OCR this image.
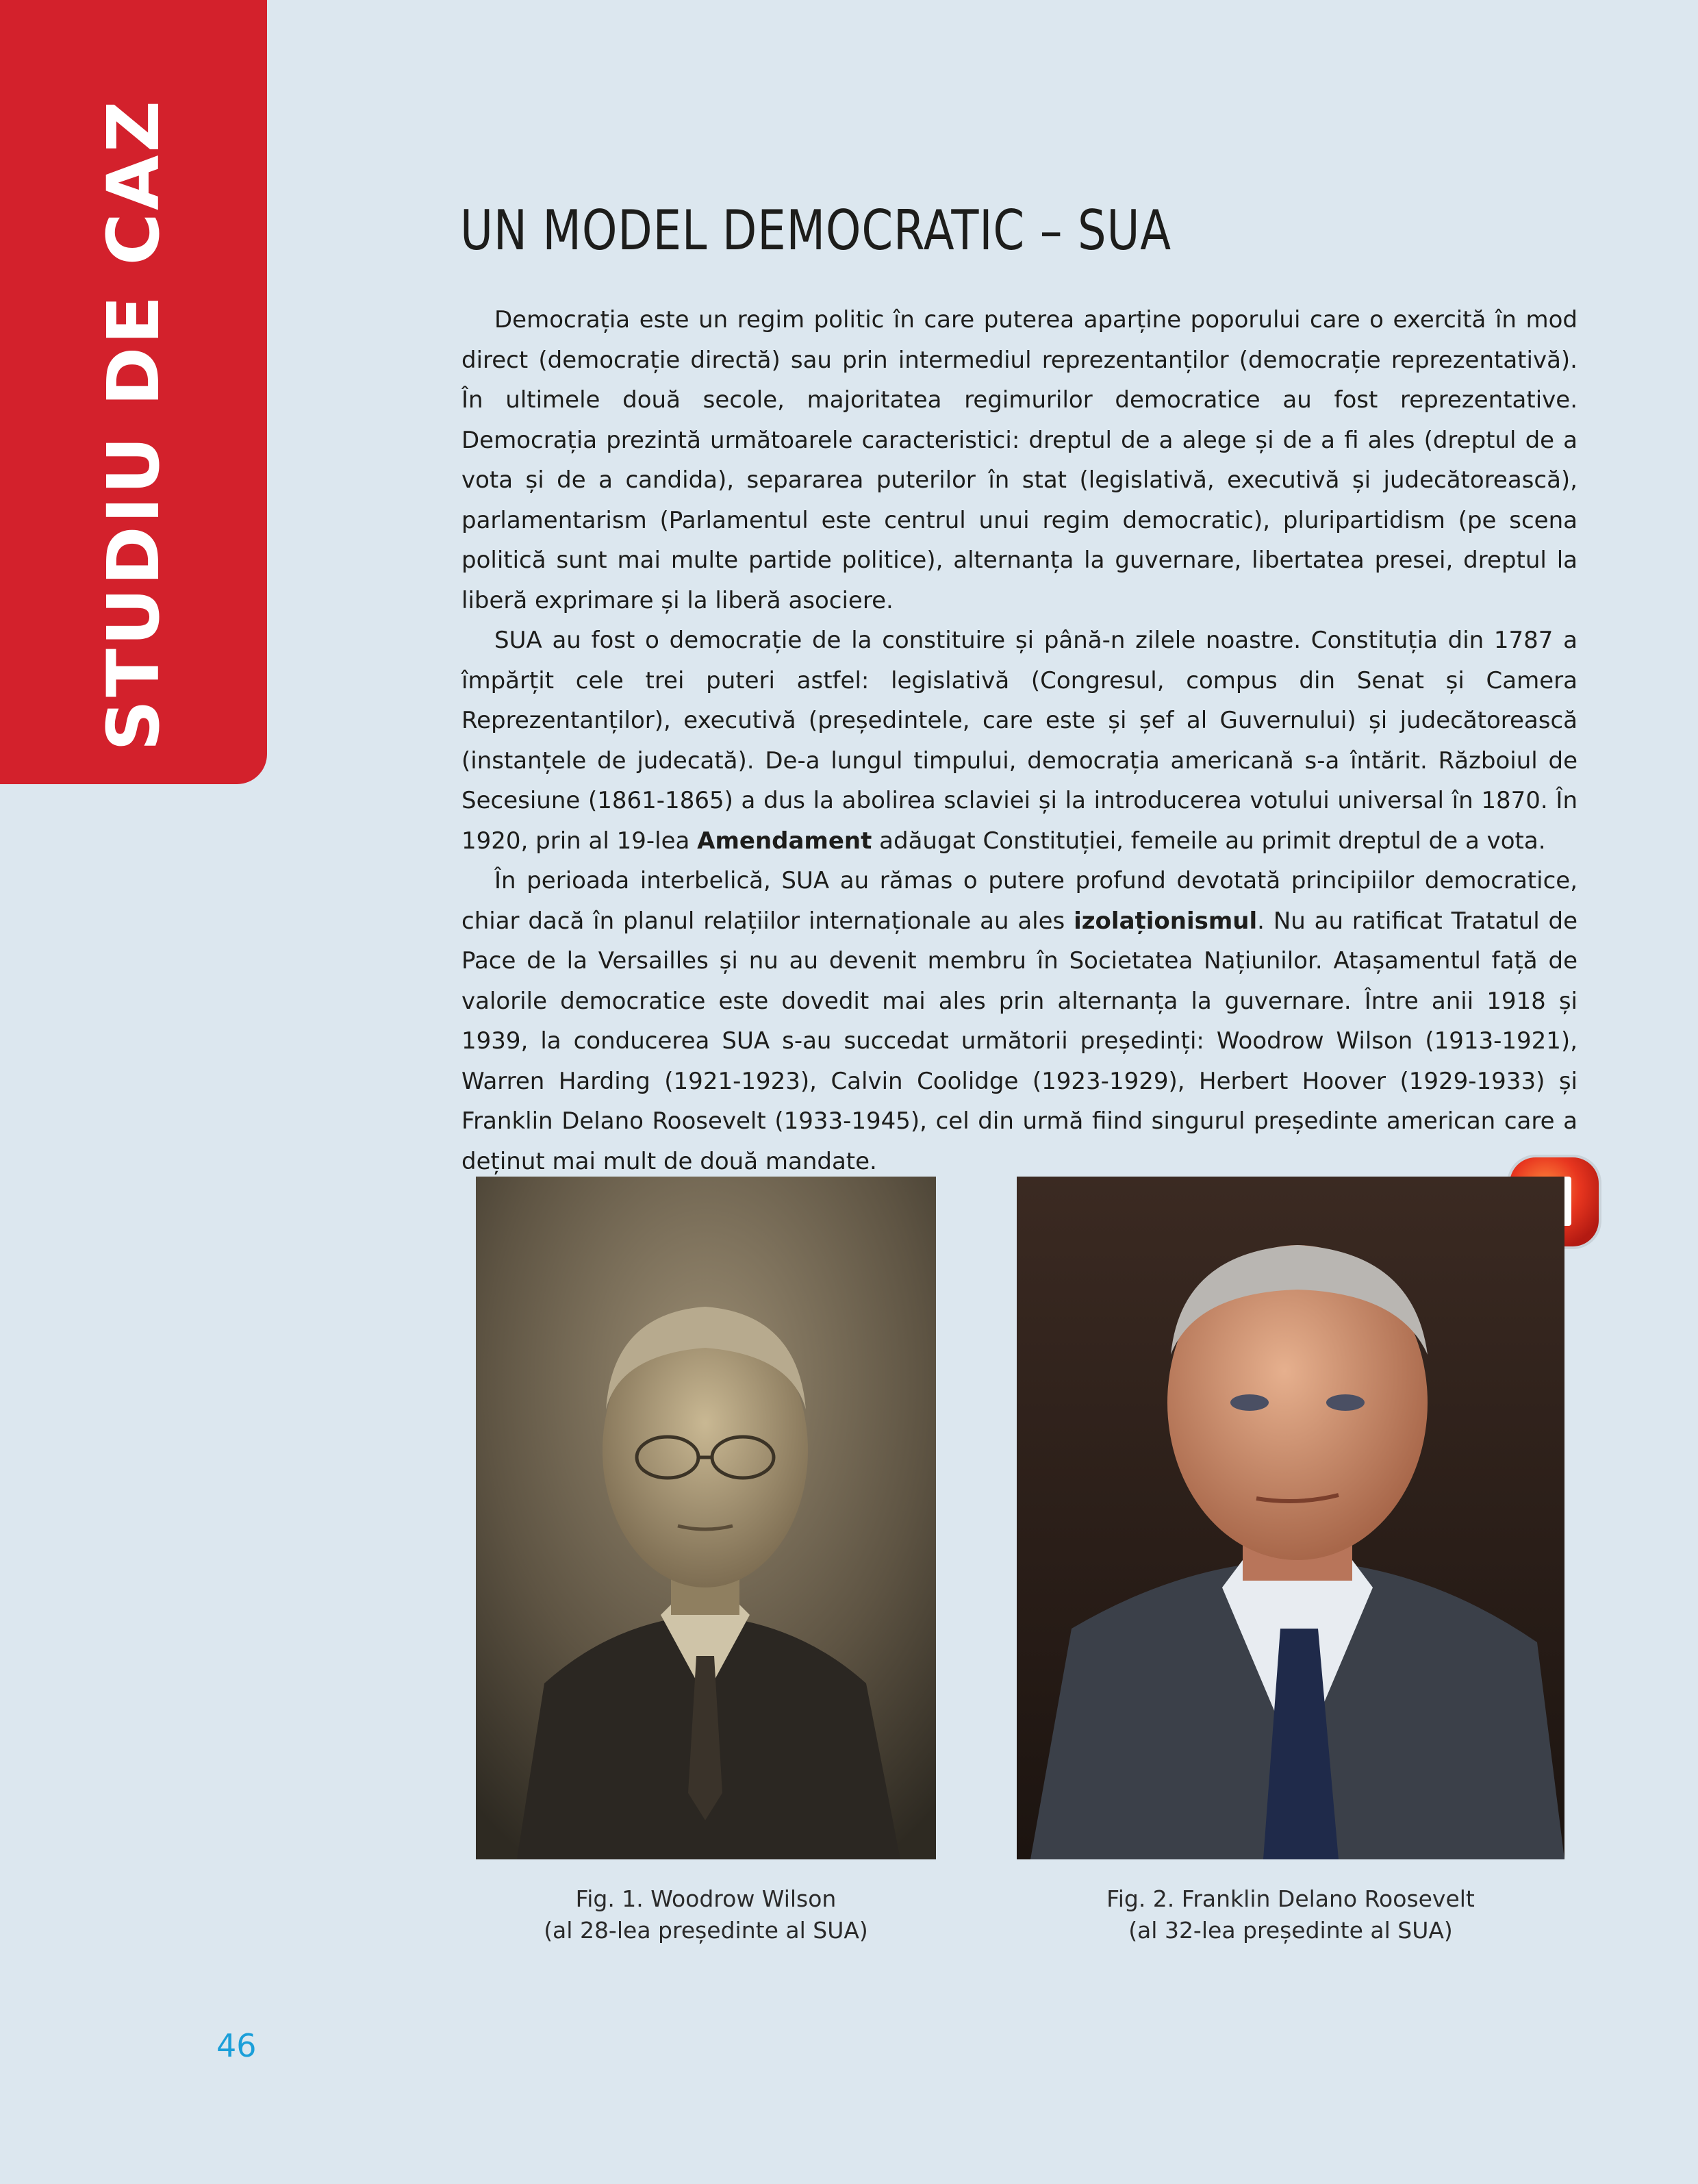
STUDIU DE CAZ	UN MODEL DEMOCRATIC – SUA

Democrația este un regim politic în care puterea aparține poporului care o exercită în mod direct (democrație directă) sau prin intermediul reprezentanților (democrație reprezentativă). În ultimele două secole, majoritatea regimurilor democratice au fost reprezentative. Democrația prezintă următoarele caracteristici: dreptul de a alege și de a fi ales (dreptul de a vota și de a candida), separarea puterilor în stat (legislativă, executivă și judecătorească), parlamentarism (Parlamentul este centrul unui regim democratic), pluripartidism (pe scena politică sunt mai multe partide politice), alternanța la guvernare, libertatea presei, dreptul la liberă exprimare și la liberă asociere.

SUA au fost o democrație de la constituire și până-n zilele noastre. Constituția din 1787 a împărțit cele trei puteri astfel: legislativă (Congresul, compus din Senat și Camera Reprezentanților), executivă (președintele, care este și șef al Guvernului) și judecătorească (instanțele de judecată). De-a lungul timpului, democrația americană s-a întărit. Războiul de Secesiune (1861-1865) a dus la abolirea sclaviei și la introducerea votului universal în 1870. În 1920, prin al 19-lea Amendament adăugat Constituției, femeile au primit dreptul de a vota.

În perioada interbelică, SUA au rămas o putere profund devotată principiilor democratice, chiar dacă în planul relațiilor internaționale au ales izolaționismul. Nu au ratificat Tratatul de Pace de la Versailles și nu au devenit membru în Societatea Națiunilor. Atașamentul față de valorile democratice este dovedit mai ales prin alternanța la guvernare. Între anii 1918 și 1939, la conducerea SUA s-au succedat următorii președinți: Woodrow Wilson (1913-1921), Warren Harding (1921-1923), Calvin Coolidge (1923-1929), Herbert Hoover (1929-1933) și Franklin Delano Roosevelt (1933-1945), cel din urmă fiind singurul președinte american care a deținut mai mult de două mandate.

Fig. 1. Woodrow Wilson
(al 28-lea președinte al SUA)
Fig. 2. Franklin Delano Roosevelt
(al 32-lea președinte al SUA)
46
